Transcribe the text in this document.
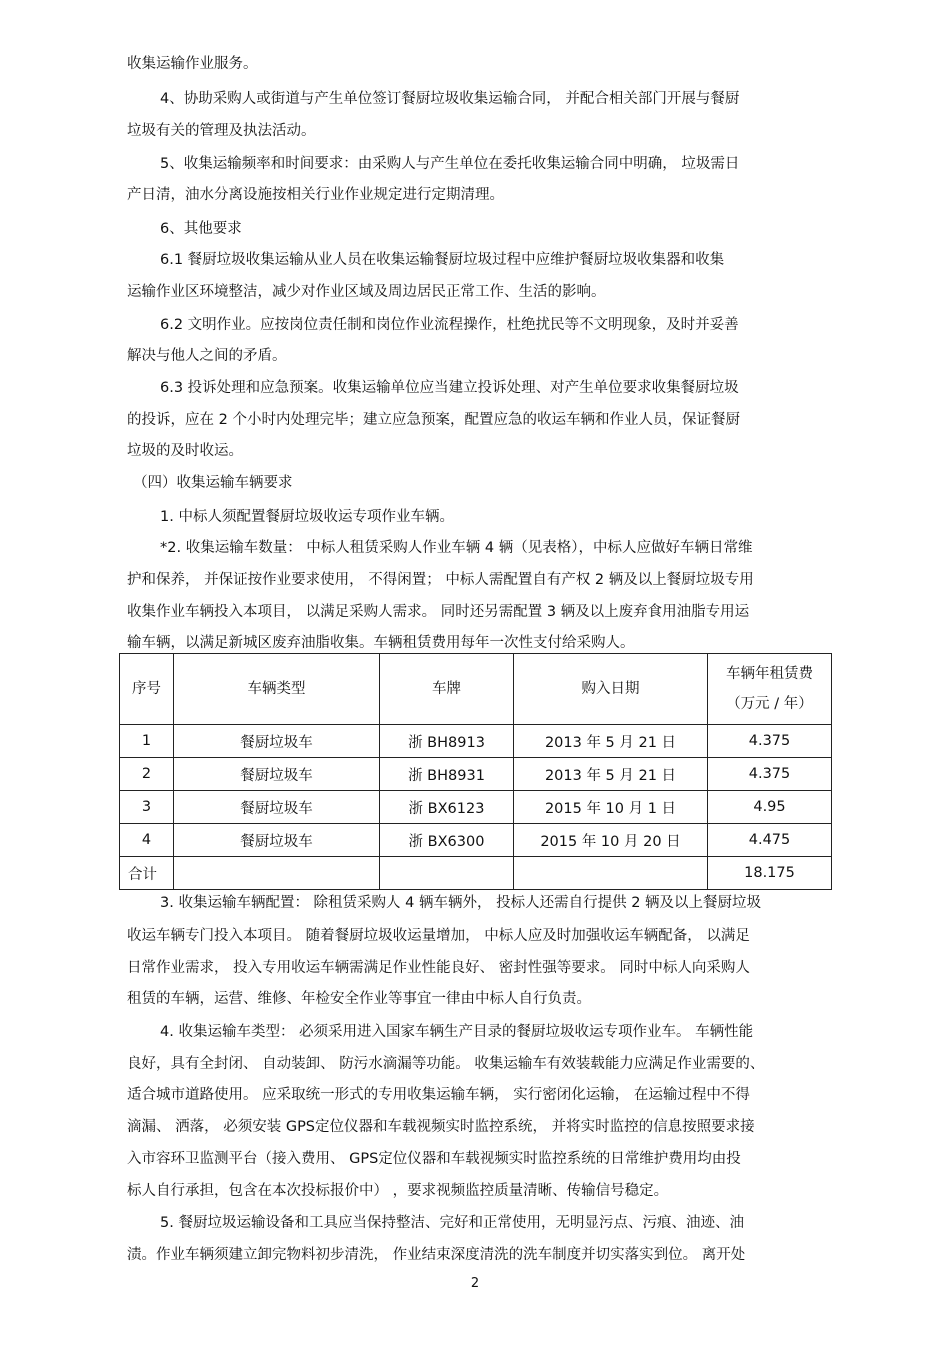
收集运输作业服务。
4、协助采购人或街道与产生单位签订餐厨垃圾收集运输合同， 并配合相关部门开展与餐厨
垃圾有关的管理及执法活动。
5、收集运输频率和时间要求：由采购人与产生单位在委托收集运输合同中明确， 垃圾需日
产日清，油水分离设施按相关行业作业规定进行定期清理。
6、其他要求
6.1 餐厨垃圾收集运输从业人员在收集运输餐厨垃圾过程中应维护餐厨垃圾收集器和收集
运输作业区环境整洁，减少对作业区域及周边居民正常工作、生活的影响。
6.2 文明作业。应按岗位责任制和岗位作业流程操作，杜绝扰民等不文明现象，及时并妥善
解决与他人之间的矛盾。
6.3 投诉处理和应急预案。收集运输单位应当建立投诉处理、对产生单位要求收集餐厨垃圾
的投诉，应在 2 个小时内处理完毕；建立应急预案，配置应急的收运车辆和作业人员，保证餐厨
垃圾的及时收运。
（四）收集运输车辆要求
1. 中标人须配置餐厨垃圾收运专项作业车辆。
*2. 收集运输车数量： 中标人租赁采购人作业车辆 4 辆（见表格），中标人应做好车辆日常维
护和保养， 并保证按作业要求使用， 不得闲置； 中标人需配置自有产权 2 辆及以上餐厨垃圾专用
收集作业车辆投入本项目， 以满足采购人需求。 同时还另需配置 3 辆及以上废弃食用油脂专用运
输车辆，以满足新城区废弃油脂收集。车辆租赁费用每年一次性支付给采购人。
序号	车辆类型	车牌	购入日期	车辆年租赁费
（万元 / 年）

1	餐厨垃圾车	浙 BH8913	2013 年 5 月 21 日	4.375
2	餐厨垃圾车	浙 BH8931	2013 年 5 月 21 日	4.375
3	餐厨垃圾车	浙 BX6123	2015 年 10 月 1 日	4.95
4	餐厨垃圾车	浙 BX6300	2015 年 10 月 20 日	4.475
合计				18.175
3. 收集运输车辆配置： 除租赁采购人 4 辆车辆外， 投标人还需自行提供 2 辆及以上餐厨垃圾
收运车辆专门投入本项目。 随着餐厨垃圾收运量增加， 中标人应及时加强收运车辆配备， 以满足
日常作业需求， 投入专用收运车辆需满足作业性能良好、 密封性强等要求。 同时中标人向采购人
租赁的车辆，运营、维修、年检安全作业等事宜一律由中标人自行负责。
4. 收集运输车类型： 必须采用进入国家车辆生产目录的餐厨垃圾收运专项作业车。 车辆性能
良好，具有全封闭、 自动装卸、 防污水滴漏等功能。 收集运输车有效装载能力应满足作业需要的、
适合城市道路使用。 应采取统一形式的专用收集运输车辆， 实行密闭化运输， 在运输过程中不得
滴漏、 洒落， 必须安装 GPS定位仪器和车载视频实时监控系统， 并将实时监控的信息按照要求接
入市容环卫监测平台（接入费用、 GPS定位仪器和车载视频实时监控系统的日常维护费用均由投
标人自行承担，包含在本次投标报价中） ，要求视频监控质量清晰、传输信号稳定。
5. 餐厨垃圾运输设备和工具应当保持整洁、完好和正常使用，无明显污点、污痕、油迹、油
渍。作业车辆须建立卸完物料初步清洗， 作业结束深度清洗的洗车制度并切实落实到位。 离开处
2
